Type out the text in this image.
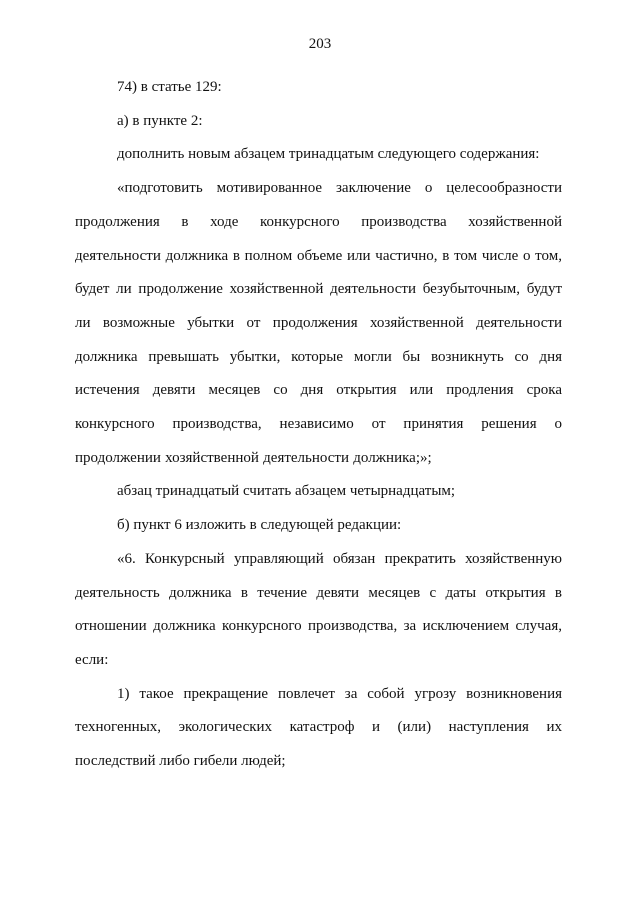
203

74) в статье 129:

а) в пункте 2:

дополнить новым абзацем тринадцатым следующего содержания:

«подготовить мотивированное заключение о целесообразности продолжения в ходе конкурсного производства хозяйственной деятельности должника в полном объеме или частично, в том числе о том, будет ли продолжение хозяйственной деятельности безубыточным, будут ли возможные убытки от продолжения хозяйственной деятельности должника превышать убытки, которые могли бы возникнуть со дня истечения девяти месяцев со дня открытия или продления срока конкурсного производства, независимо от принятия решения о продолжении хозяйственной деятельности должника;»;

абзац тринадцатый считать абзацем четырнадцатым;

б) пункт 6 изложить в следующей редакции:

«6. Конкурсный управляющий обязан прекратить хозяйственную деятельность должника в течение девяти месяцев с даты открытия в отношении должника конкурсного производства, за исключением случая, если:

1) такое прекращение повлечет за собой угрозу возникновения техногенных, экологических катастроф и (или) наступления их последствий либо гибели людей;
